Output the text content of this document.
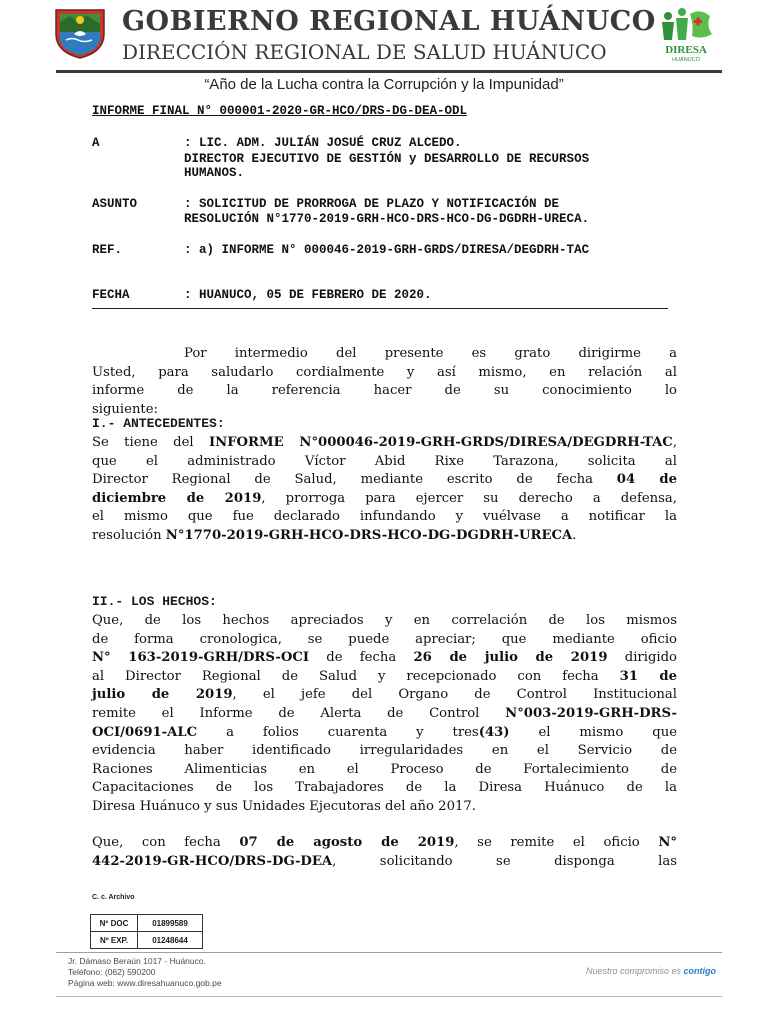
GOBIERNO REGIONAL HUÁNUCO
DIRECCIÓN REGIONAL DE SALUD HUÁNUCO	DIRESA
HUÁNUCO
“Año de la Lucha contra la Corrupción y la Impunidad”
INFORME FINAL N° 000001-2020-GR-HCO/DRS-DG-DEA-ODL
A	: LIC. ADM. JULIÁN JOSUÉ CRUZ ALCEDO.
DIRECTOR EJECUTIVO DE GESTIÓN y DESARROLLO DE RECURSOS
HUMANOS.
ASUNTO	: SOLICITUD DE PRORROGA DE PLAZO Y NOTIFICACIÓN DE
RESOLUCIÓN N°1770-2019-GRH-HCO-DRS-HCO-DG-DGDRH-URECA.
REF.	: a) INFORME N° 000046-2019-GRH-GRDS/DIRESA/DEGDRH-TAC
FECHA	: HUANUCO, 05 DE FEBRERO DE 2020.
Por intermedio del presente es grato dirigirme a
Usted, para saludarlo cordialmente y así mismo, en relación al
informe de la referencia hacer de su conocimiento lo
siguiente:
I.- ANTECEDENTES:
Se tiene del INFORME N°000046-2019-GRH-GRDS/DIRESA/DEGDRH-TAC,
que el administrado Víctor Abid Rixe Tarazona, solicita al
Director Regional de Salud, mediante escrito de fecha 04 de
diciembre de 2019, prorroga para ejercer su derecho a defensa,
el mismo que fue declarado infundando y vuélvase a notificar la
resolución N°1770-2019-GRH-HCO-DRS-HCO-DG-DGDRH-URECA.
II.- LOS HECHOS:
Que, de los hechos apreciados y en correlación de los mismos
de forma cronologica, se puede apreciar; que mediante oficio
N° 163-2019-GRH/DRS-OCI de fecha 26 de julio de 2019 dirigido
al Director Regional de Salud y recepcionado con fecha 31 de
julio de 2019, el jefe del Organo de Control Institucional
remite el Informe de Alerta de Control N°003-2019-GRH-DRS-
OCI/0691-ALC a folios cuarenta y tres(43) el mismo que
evidencia haber identificado irregularidades en el Servicio de
Raciones Alimenticias en el Proceso de Fortalecimiento de
Capacitaciones de los Trabajadores de la Diresa Huánuco de la
Diresa Huánuco y sus Unidades Ejecutoras del año 2017.
Que, con fecha 07 de agosto de 2019, se remite el oficio N°
442-2019-GR-HCO/DRS-DG-DEA, solicitando se disponga las
C. c. Archivo
Nº DOC	01899589
Nº EXP.	01248644
Jr. Dámaso Beraún 1017 - Huánuco.
Teléfono: (062) 590200
Página web: www.diresahuanuco.gob.pe
Nuestro compromiso es contigo
